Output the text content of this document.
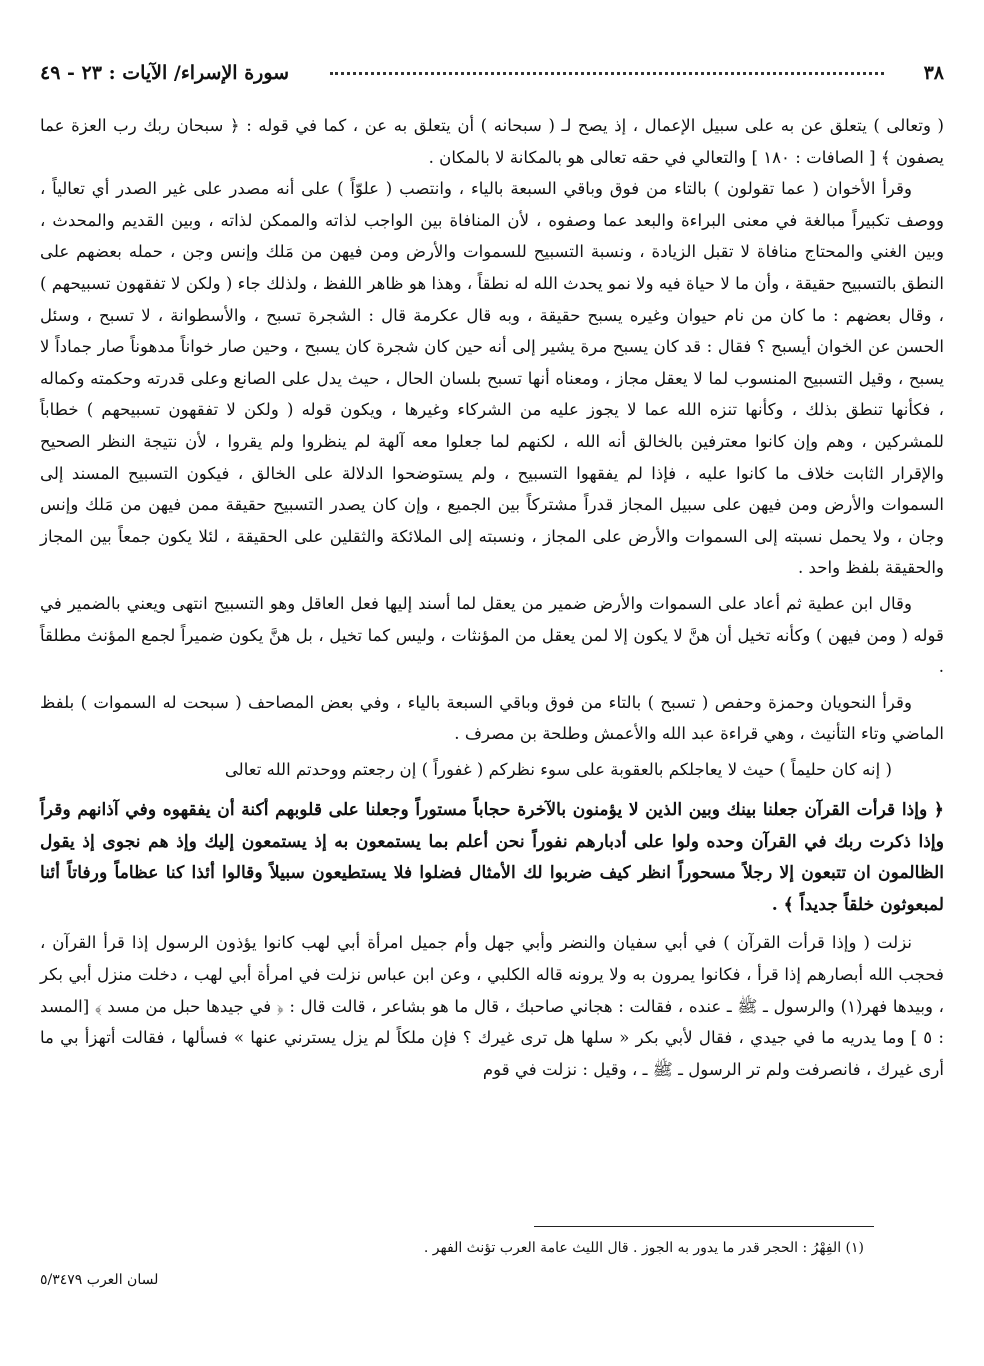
٣٨
سورة الإسراء/ الآيات : ٢٣ - ٤٩

( وتعالى ) يتعلق عن به على سبيل الإعمال ، إذ يصح لـ ( سبحانه ) أن يتعلق به عن ، كما في قوله : ﴿ سبحان ربك رب العزة عما يصفون ﴾ [ الصافات : ١٨٠ ] والتعالي في حقه تعالى هو بالمكانة لا بالمكان .

وقرأ الأخوان ( عما تقولون ) بالتاء من فوق وباقي السبعة بالياء ، وانتصب ( علوّاً ) على أنه مصدر على غير الصدر أي تعالياً ، ووصف تكبيراً مبالغة في معنى البراءة والبعد عما وصفوه ، لأن المنافاة بين الواجب لذاته والممكن لذاته ، وبين القديم والمحدث ، وبين الغني والمحتاج منافاة لا تقبل الزيادة ، ونسبة التسبيح للسموات والأرض ومن فيهن من مَلك وإنس وجن ، حمله بعضهم على النطق بالتسبيح حقيقة ، وأن ما لا حياة فيه ولا نمو يحدث الله له نطقاً ، وهذا هو ظاهر اللفظ ، ولذلك جاء ( ولكن لا تفقهون تسبيحهم ) ، وقال بعضهم : ما كان من نام حيوان وغيره يسبح حقيقة ، وبه قال عكرمة قال : الشجرة تسبح ، والأسطوانة ، لا تسبح ، وسئل الحسن عن الخوان أيسبح ؟ فقال : قد كان يسبح مرة يشير إلى أنه حين كان شجرة كان يسبح ، وحين صار خواناً مدهوناً صار جماداً لا يسبح ، وقيل التسبيح المنسوب لما لا يعقل مجاز ، ومعناه أنها تسبح بلسان الحال ، حيث يدل على الصانع وعلى قدرته وحكمته وكماله ، فكأنها تنطق بذلك ، وكأنها تنزه الله عما لا يجوز عليه من الشركاء وغيرها ، ويكون قوله ( ولكن لا تفقهون تسبيحهم ) خطاباً للمشركين ، وهم وإن كانوا معترفين بالخالق أنه الله ، لكنهم لما جعلوا معه آلهة لم ينظروا ولم يقروا ، لأن نتيجة النظر الصحيح والإقرار الثابت خلاف ما كانوا عليه ، فإذا لم يفقهوا التسبيح ، ولم يستوضحوا الدلالة على الخالق ، فيكون التسبيح المسند إلى السموات والأرض ومن فيهن على سبيل المجاز قدراً مشتركاً بين الجميع ، وإن كان يصدر التسبيح حقيقة ممن فيهن من مَلك وإنس وجان ، ولا يحمل نسبته إلى السموات والأرض على المجاز ، ونسبته إلى الملائكة والثقلين على الحقيقة ، لئلا يكون جمعاً بين المجاز والحقيقة بلفظ واحد .

وقال ابن عطية ثم أعاد على السموات والأرض ضمير من يعقل لما أسند إليها فعل العاقل وهو التسبيح انتهى ويعني بالضمير في قوله ( ومن فيهن ) وكأنه تخيل أن هنَّ لا يكون إلا لمن يعقل من المؤنثات ، وليس كما تخيل ، بل هنَّ يكون ضميراً لجمع المؤنث مطلقاً .

وقرأ النحويان وحمزة وحفص ( تسبح ) بالتاء من فوق وباقي السبعة بالياء ، وفي بعض المصاحف ( سبحت له السموات ) بلفظ الماضي وتاء التأنيث ، وهي قراءة عبد الله والأعمش وطلحة بن مصرف .

( إنه كان حليماً ) حيث لا يعاجلكم بالعقوبة على سوء نظركم ( غفوراً ) إن رجعتم ووحدتم الله تعالى

﴿ وإذا قرأت القرآن جعلنا بينك وبين الذين لا يؤمنون بالآخرة حجاباً مستوراً وجعلنا على قلوبهم أكنة أن يفقهوه وفي آذانهم وقراً وإذا ذكرت ربك في القرآن وحده ولوا على أدبارهم نفوراً نحن أعلم بما يستمعون به إذ يستمعون إليك وإذ هم نجوى إذ يقول الظالمون ان تتبعون إلا رجلاً مسحوراً انظر كيف ضربوا لك الأمثال فضلوا فلا يستطيعون سبيلاً وقالوا أئذا كنا عظاماً ورفاتاً أئنا لمبعوثون خلقاً جديداً ﴾ .

نزلت ( وإذا قرأت القرآن ) في أبي سفيان والنضر وأبي جهل وأم جميل امرأة أبي لهب كانوا يؤذون الرسول إذا قرأ القرآن ، فحجب الله أبصارهم إذا قرأ ، فكانوا يمرون به ولا يرونه قاله الكلبي ، وعن ابن عباس نزلت في امرأة أبي لهب ، دخلت منزل أبي بكر ، وبيدها فهر(١) والرسول ـ ﷺ ـ عنده ، فقالت : هجاني صاحبك ، قال ما هو بشاعر ، قالت قال : ﴿ في جيدها حبل من مسد ﴾ [المسد : ٥ ] وما يدريه ما في جيدي ، فقال لأبي بكر « سلها هل ترى غيرك ؟ فإن ملكاً لم يزل يسترني عنها » فسألها ، فقالت أتهزأ بي ما أرى غيرك ، فانصرفت ولم تر الرسول ـ ﷺ ـ ، وقيل : نزلت في قوم

(١) الفِهْرُ : الحجر قدر ما يدور به الجوز . قال الليث عامة العرب تؤنث الفهر .
لسان العرب ٥/٣٤٧٩
